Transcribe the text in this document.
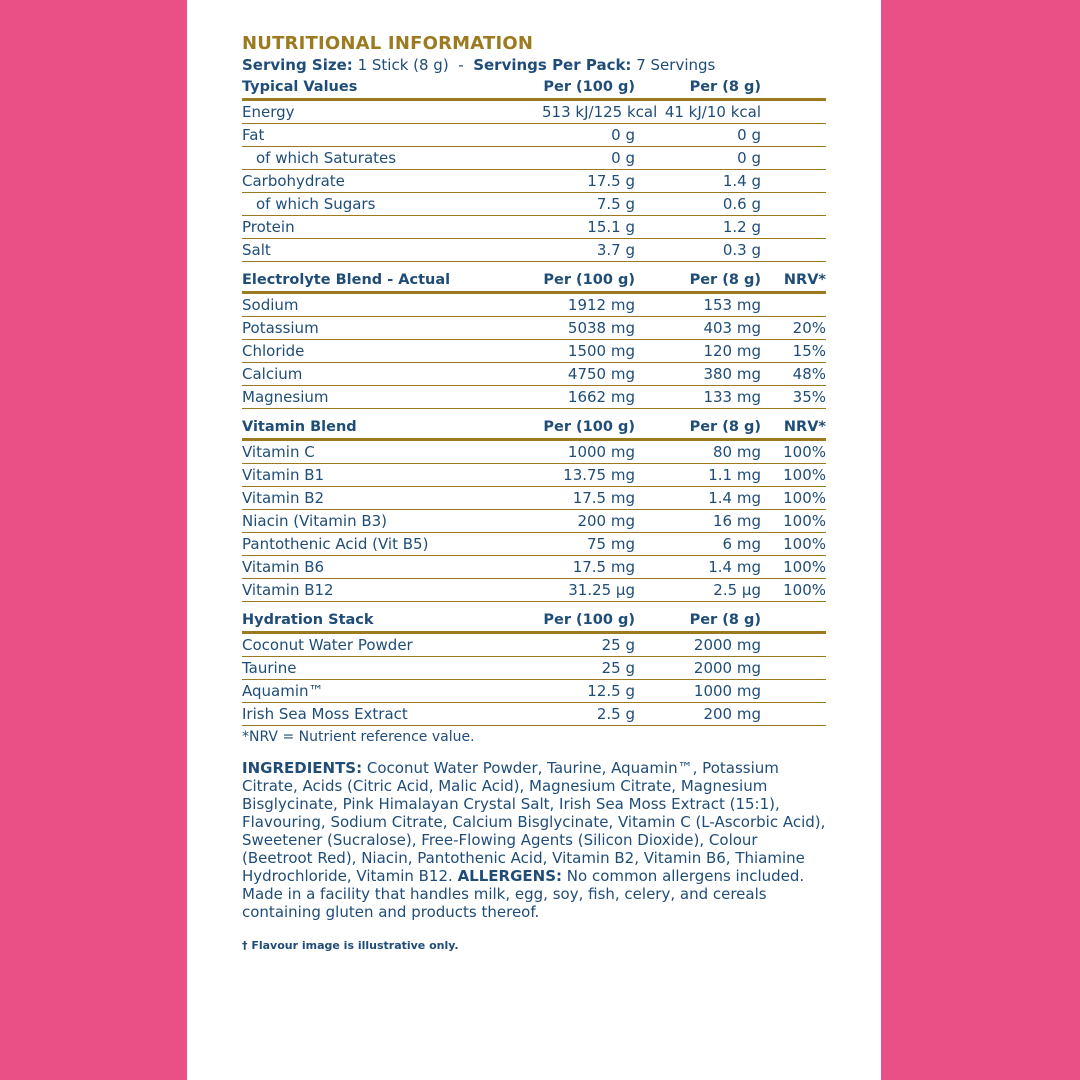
NUTRITIONAL INFORMATION
Serving Size: 1 Stick (8 g) - Servings Per Pack: 7 Servings
Typical Values	Per (100 g)	Per (8 g)	
Energy	513 kJ/125 kcal	41 kJ/10 kcal	
Fat	0 g	0 g	
of which Saturates	0 g	0 g	
Carbohydrate	17.5 g	1.4 g	
of which Sugars	7.5 g	0.6 g	
Protein	15.1 g	1.2 g	
Salt	3.7 g	0.3 g	
Electrolyte Blend - Actual	Per (100 g)	Per (8 g)	NRV*
Sodium	1912 mg	153 mg	
Potassium	5038 mg	403 mg	20%
Chloride	1500 mg	120 mg	15%
Calcium	4750 mg	380 mg	48%
Magnesium	1662 mg	133 mg	35%
Vitamin Blend	Per (100 g)	Per (8 g)	NRV*
Vitamin C	1000 mg	80 mg	100%
Vitamin B1	13.75 mg	1.1 mg	100%
Vitamin B2	17.5 mg	1.4 mg	100%
Niacin (Vitamin B3)	200 mg	16 mg	100%
Pantothenic Acid (Vit B5)	75 mg	6 mg	100%
Vitamin B6	17.5 mg	1.4 mg	100%
Vitamin B12	31.25 µg	2.5 µg	100%
Hydration Stack	Per (100 g)	Per (8 g)	
Coconut Water Powder	25 g	2000 mg	
Taurine	25 g	2000 mg	
Aquamin™	12.5 g	1000 mg	
Irish Sea Moss Extract	2.5 g	200 mg	
*NRV = Nutrient reference value.
INGREDIENTS: Coconut Water Powder, Taurine, Aquamin™, Potassium Citrate, Acids (Citric Acid, Malic Acid), Magnesium Citrate, Magnesium Bisglycinate, Pink Himalayan Crystal Salt, Irish Sea Moss Extract (15:1), Flavouring, Sodium Citrate, Calcium Bisglycinate, Vitamin C (L-Ascorbic Acid), Sweetener (Sucralose), Free-Flowing Agents (Silicon Dioxide), Colour (Beetroot Red), Niacin, Pantothenic Acid, Vitamin B2, Vitamin B6, Thiamine Hydrochloride, Vitamin B12. ALLERGENS: No common allergens included. Made in a facility that handles milk, egg, soy, fish, celery, and cereals containing gluten and products thereof.
† Flavour image is illustrative only.
